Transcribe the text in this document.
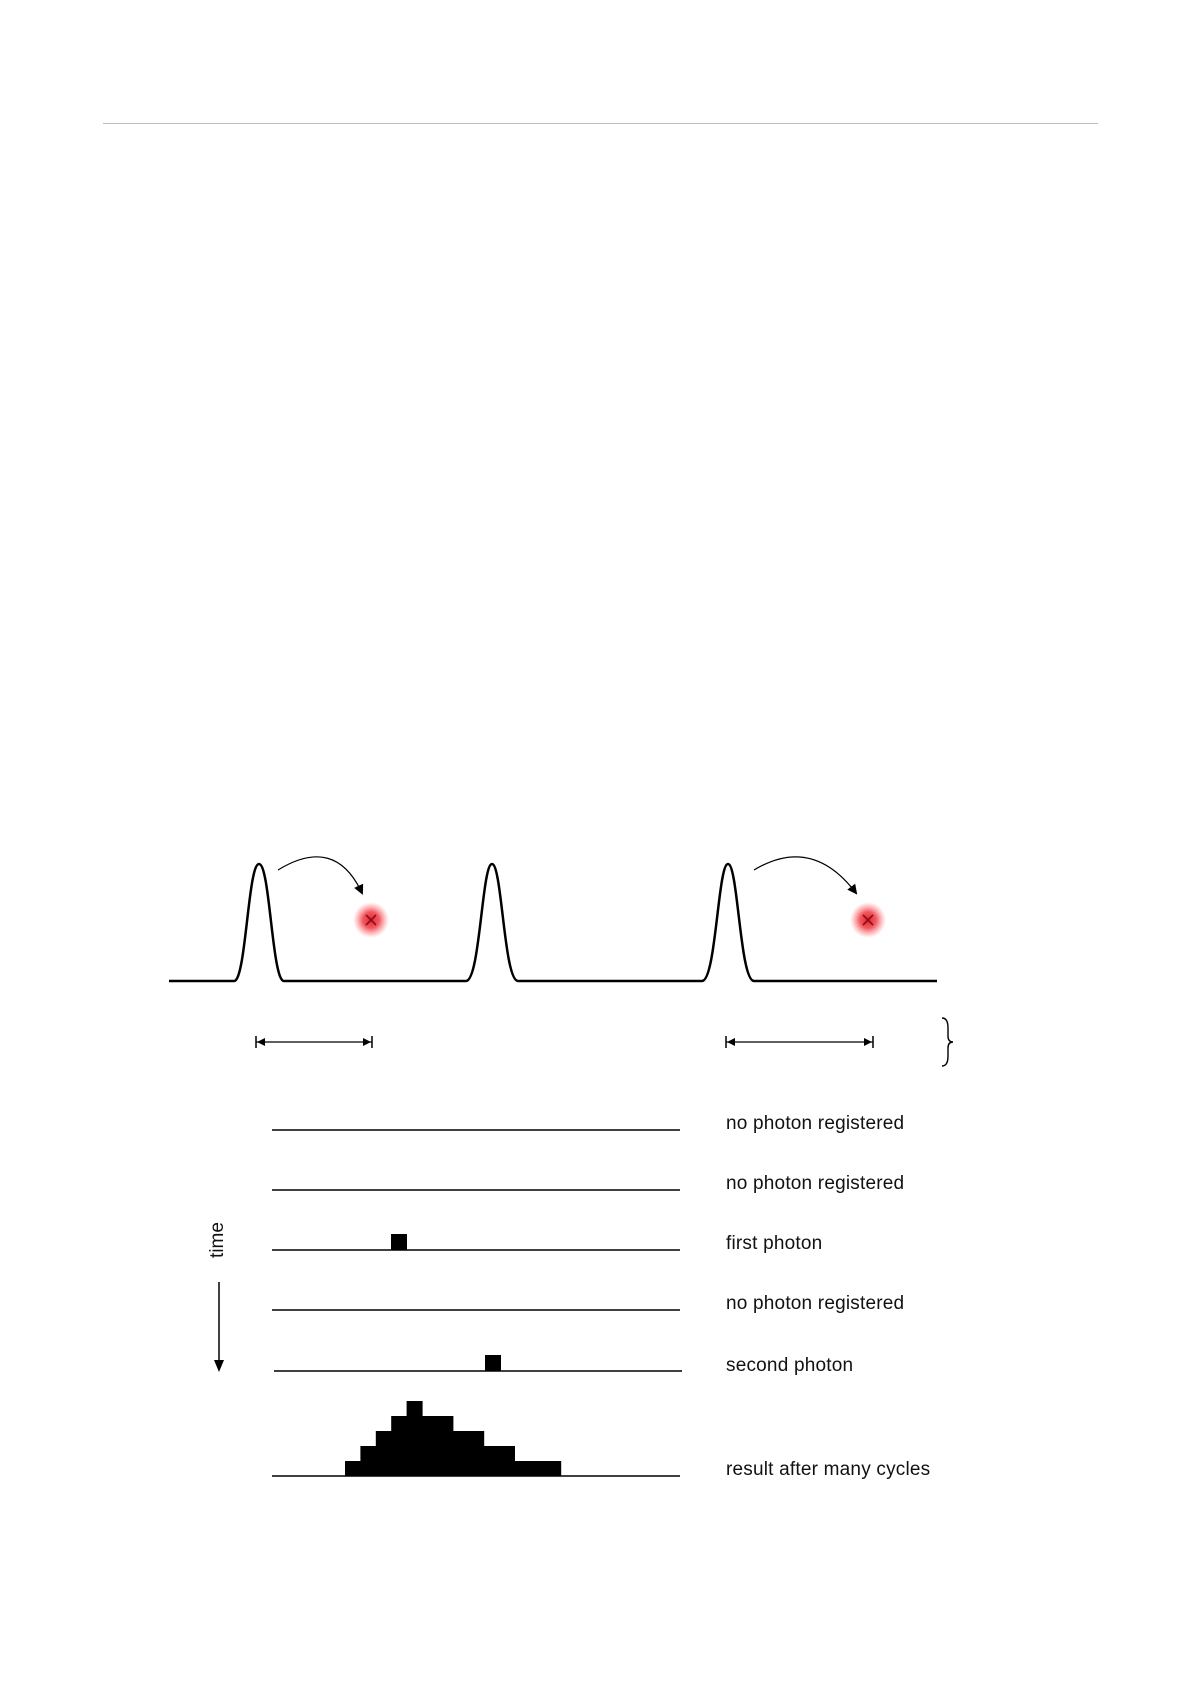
no photon registered
no photon registered
first photon
no photon registered
second photon
result after many cycles
time
